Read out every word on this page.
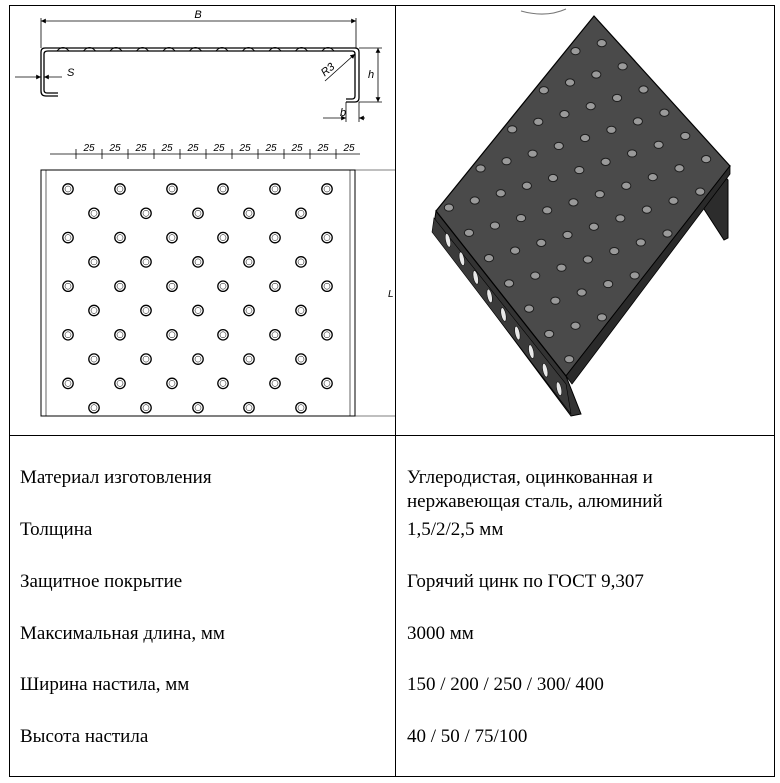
B
S	R3	h
b
25 25 25 25 25 25 25 25 25 25 25
L
Материал изготовления	Углеродистая, оцинкованная и
нержавеющая сталь, алюминий
Толщина	1,5/2/2,5 мм
Защитное покрытие	Горячий цинк по ГОСТ 9,307
Максимальная длина, мм	3000 мм
Ширина настила, мм	150 / 200 / 250 / 300/ 400
Высота настила	40 / 50 / 75/100
